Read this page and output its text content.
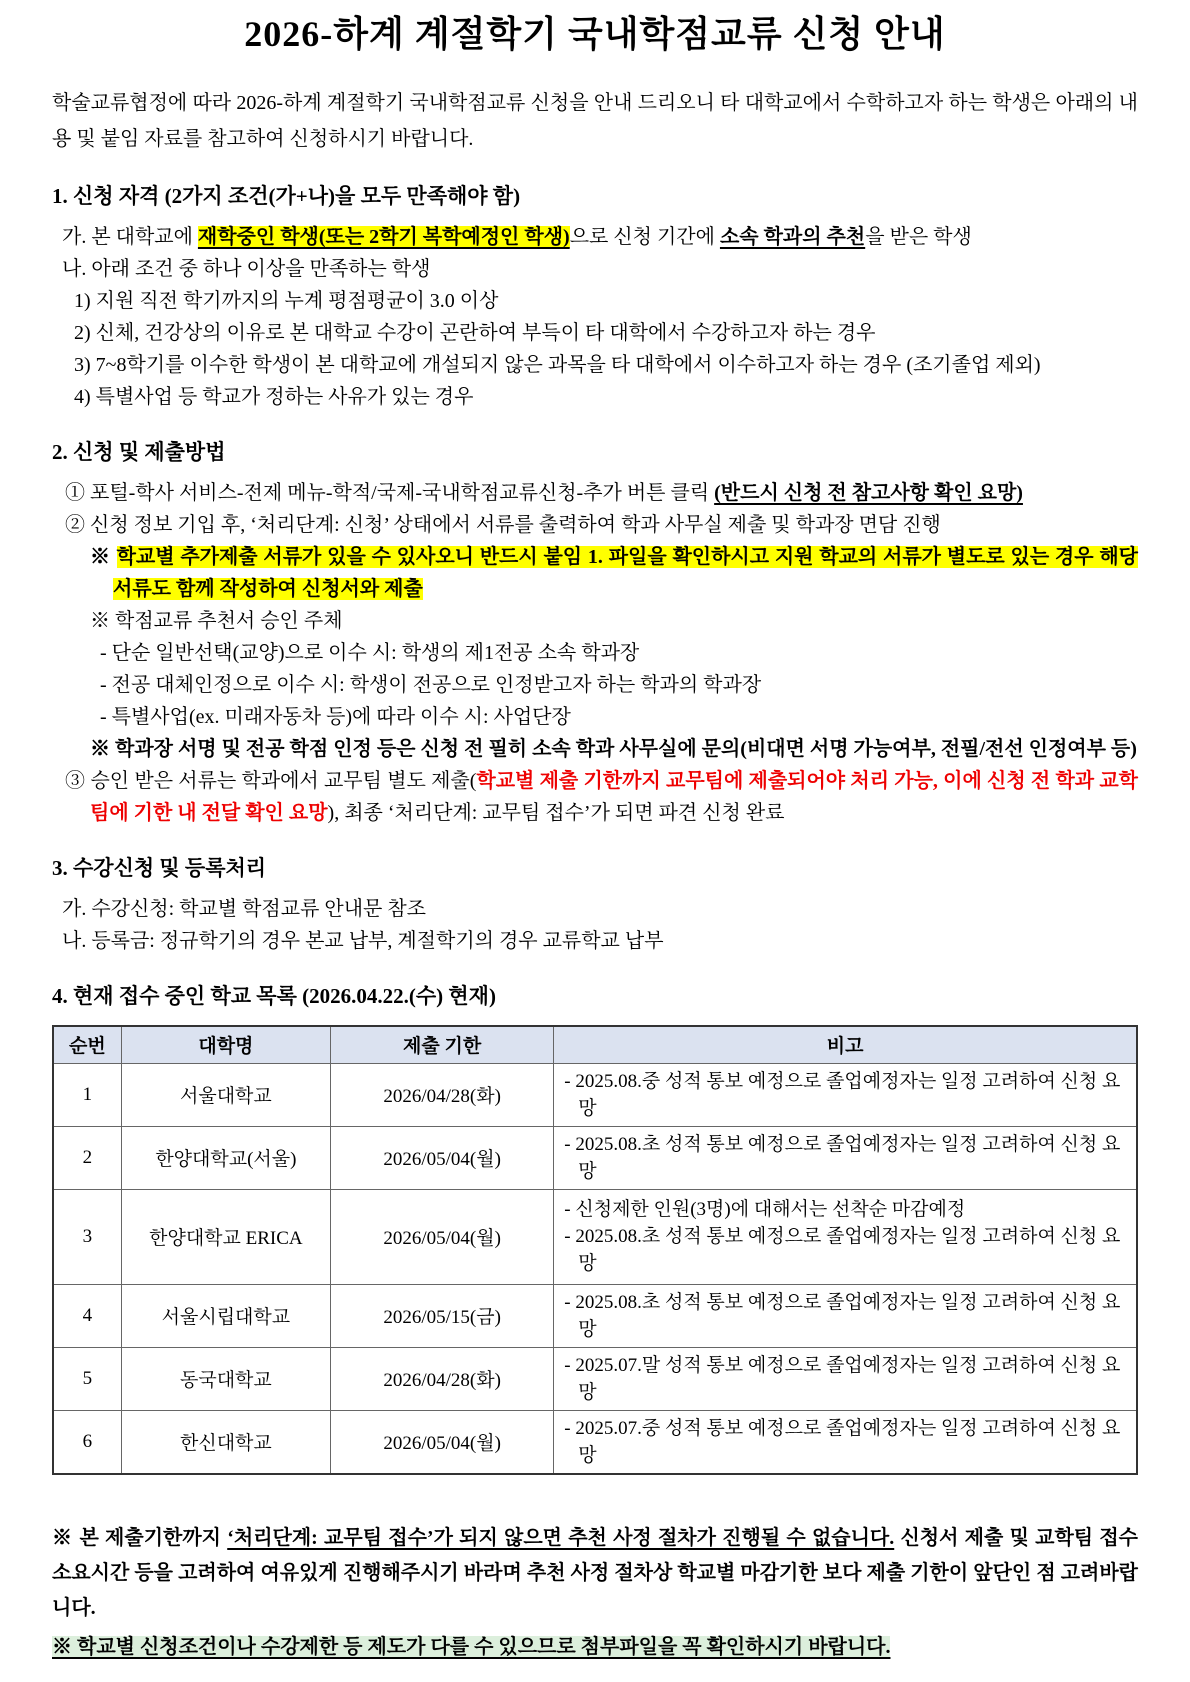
2026-하계 계절학기 국내학점교류 신청 안내

학술교류협정에 따라 2026-하계 계절학기 국내학점교류 신청을 안내 드리오니 타 대학교에서 수학하고자 하는 학생은 아래의 내용 및 붙임 자료를 참고하여 신청하시기 바랍니다.

1. 신청 자격 (2가지 조건(가+나)을 모두 만족해야 함)
가. 본 대학교에 재학중인 학생(또는 2학기 복학예정인 학생)으로 신청 기간에 소속 학과의 추천을 받은 학생
나. 아래 조건 중 하나 이상을 만족하는 학생
1) 지원 직전 학기까지의 누계 평점평균이 3.0 이상
2) 신체, 건강상의 이유로 본 대학교 수강이 곤란하여 부득이 타 대학에서 수강하고자 하는 경우
3) 7~8학기를 이수한 학생이 본 대학교에 개설되지 않은 과목을 타 대학에서 이수하고자 하는 경우 (조기졸업 제외)
4) 특별사업 등 학교가 정하는 사유가 있는 경우
2. 신청 및 제출방법
① 포털-학사 서비스-전제 메뉴-학적/국제-국내학점교류신청-추가 버튼 클릭 (반드시 신청 전 참고사항 확인 요망)
② 신청 정보 기입 후, ‘처리단계: 신청’ 상태에서 서류를 출력하여 학과 사무실 제출 및 학과장 면담 진행
※ 학교별 추가제출 서류가 있을 수 있사오니 반드시 붙임 1. 파일을 확인하시고 지원 학교의 서류가 별도로 있는 경우 해당 서류도 함께 작성하여 신청서와 제출
※ 학점교류 추천서 승인 주체
- 단순 일반선택(교양)으로 이수 시: 학생의 제1전공 소속 학과장
- 전공 대체인정으로 이수 시: 학생이 전공으로 인정받고자 하는 학과의 학과장
- 특별사업(ex. 미래자동차 등)에 따라 이수 시: 사업단장
※ 학과장 서명 및 전공 학점 인정 등은 신청 전 필히 소속 학과 사무실에 문의(비대면 서명 가능여부, 전필/전선 인정여부 등)
③ 승인 받은 서류는 학과에서 교무팀 별도 제출(학교별 제출 기한까지 교무팀에 제출되어야 처리 가능, 이에 신청 전 학과 교학팀에 기한 내 전달 확인 요망), 최종 ‘처리단계: 교무팀 접수’가 되면 파견 신청 완료
3. 수강신청 및 등록처리
가. 수강신청: 학교별 학점교류 안내문 참조
나. 등록금: 정규학기의 경우 본교 납부, 계절학기의 경우 교류학교 납부
4. 현재 접수 중인 학교 목록 (2026.04.22.(수) 현재)
순번	대학명	제출 기한	비고
1	서울대학교	2026/04/28(화)	- 2025.08.중 성적 통보 예정으로 졸업예정자는 일정 고려하여 신청 요망

2	한양대학교(서울)	2026/05/04(월)	- 2025.08.초 성적 통보 예정으로 졸업예정자는 일정 고려하여 신청 요망

3	한양대학교 ERICA	2026/05/04(월)	- 신청제한 인원(3명)에 대해서는 선착순 마감예정
- 2025.08.초 성적 통보 예정으로 졸업예정자는 일정 고려하여 신청 요망

4	서울시립대학교	2026/05/15(금)	- 2025.08.초 성적 통보 예정으로 졸업예정자는 일정 고려하여 신청 요망

5	동국대학교	2026/04/28(화)	- 2025.07.말 성적 통보 예정으로 졸업예정자는 일정 고려하여 신청 요망

6	한신대학교	2026/05/04(월)	- 2025.07.중 성적 통보 예정으로 졸업예정자는 일정 고려하여 신청 요망
※ 본 제출기한까지 ‘처리단계: 교무팀 접수’가 되지 않으면 추천 사정 절차가 진행될 수 없습니다. 신청서 제출 및 교학팀 접수 소요시간 등을 고려하여 여유있게 진행해주시기 바라며 추천 사정 절차상 학교별 마감기한 보다 제출 기한이 앞단인 점 고려바랍니다.
※ 학교별 신청조건이나 수강제한 등 제도가 다를 수 있으므로 첨부파일을 꼭 확인하시기 바랍니다.
